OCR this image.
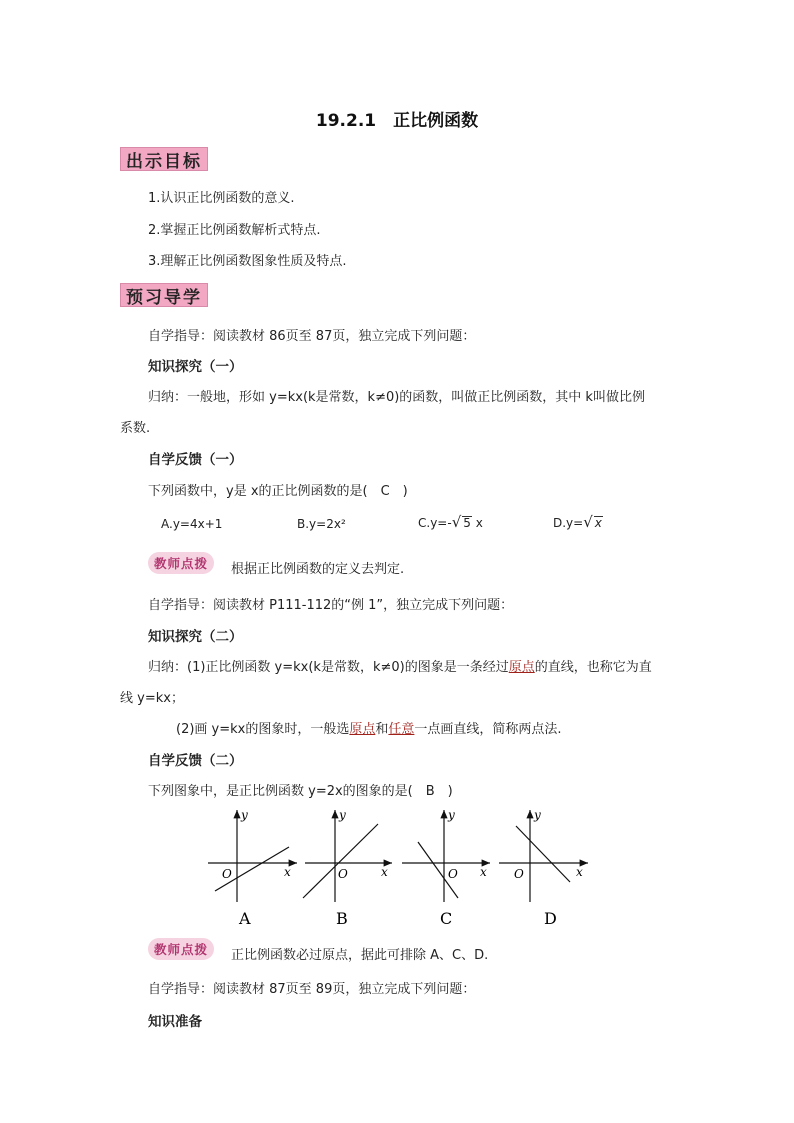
19.2.1　正比例函数
出示目标
1.认识正比例函数的意义.
2.掌握正比例函数解析式特点.
3.理解正比例函数图象性质及特点.
预习导学
自学指导：阅读教材 86页至 87页，独立完成下列问题：
知识探究（一）
归纳：一般地，形如 y=kx(k是常数，k≠0)的函数，叫做正比例函数，其中 k叫做比例
系数.
自学反馈（一）
下列函数中，y是 x的正比例函数的是(　C　)
A.y=4x+1	B.y=2x²	C.y=-√ 5 x	D.y=√ x
教师点拨	根据正比例函数的定义去判定.
自学指导：阅读教材 P111-112的“例 1”，独立完成下列问题：
知识探究（二）
归纳：(1)正比例函数 y=kx(k是常数，k≠0)的图象是一条经过原点的直线，也称它为直
线 y=kx；
(2)画 y=kx的图象时，一般选原点和任意一点画直线，简称两点法.
自学反馈（二）
下列图象中，是正比例函数 y=2x的图象的是(　B　)
y
x
O
A
y
x
O
B
y
x
O
C
y
x
O
D
教师点拨	正比例函数必过原点，据此可排除 A、C、D.
自学指导：阅读教材 87页至 89页，独立完成下列问题：
知识准备
